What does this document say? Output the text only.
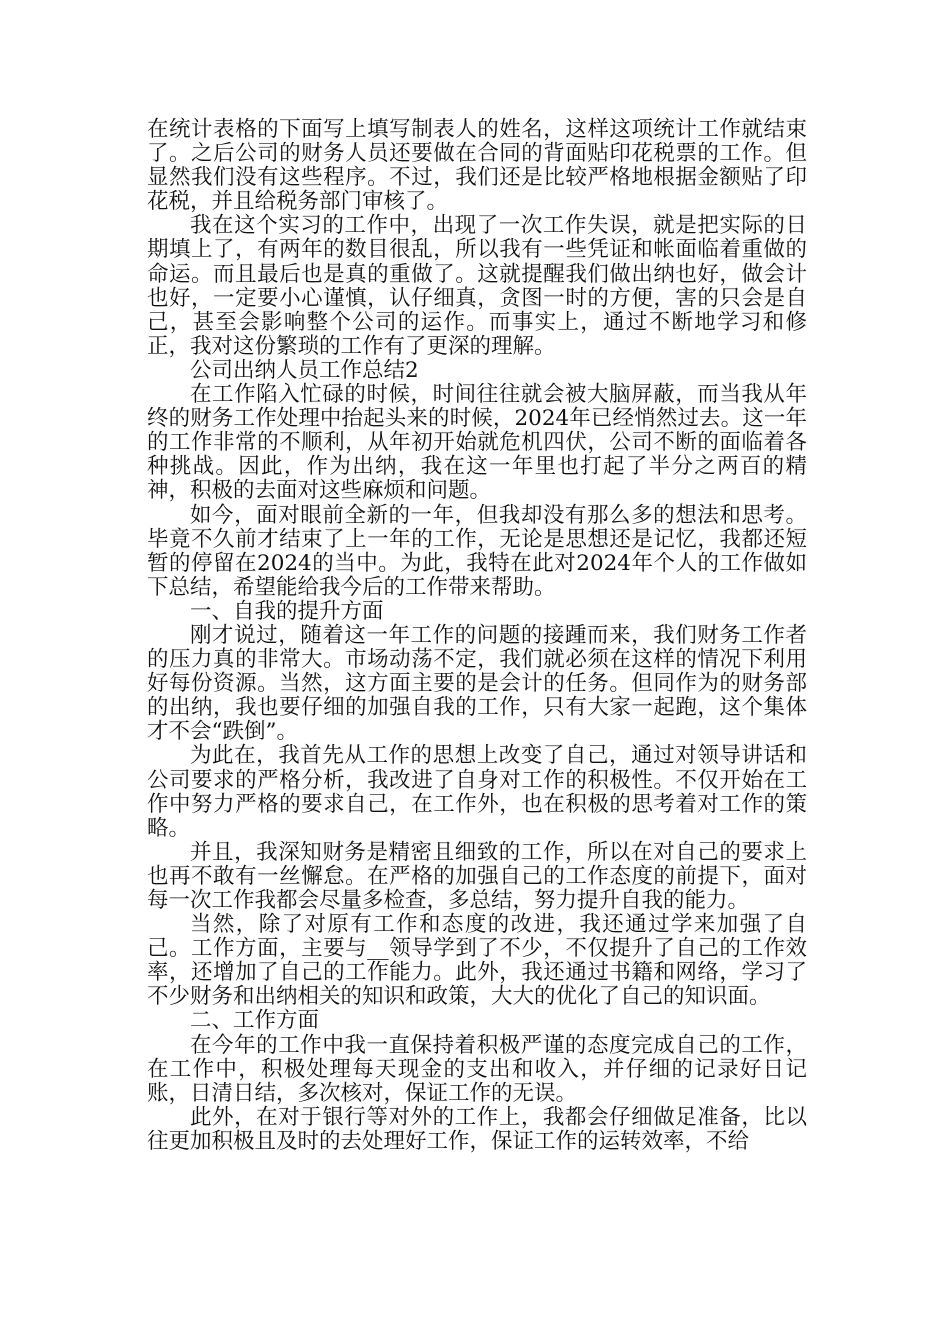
在统计表格的下面写上填写制表人的姓名，这样这项统计工作就结束了。之后公司的财务人员还要做在合同的背面贴印花税票的工作。但显然我们没有这些程序。不过，我们还是比较严格地根据金额贴了印花税，并且给税务部门审核了。

我在这个实习的工作中，出现了一次工作失误，就是把实际的日期填上了，有两年的数目很乱，所以我有一些凭证和帐面临着重做的命运。而且最后也是真的重做了。这就提醒我们做出纳也好，做会计也好，一定要小心谨慎，认仔细真，贪图一时的方便，害的只会是自己，甚至会影响整个公司的运作。而事实上，通过不断地学习和修正，我对这份繁琐的工作有了更深的理解。

公司出纳人员工作总结2

在工作陷入忙碌的时候，时间往往就会被大脑屏蔽，而当我从年终的财务工作处理中抬起头来的时候，2024年已经悄然过去。这一年的工作非常的不顺利，从年初开始就危机四伏，公司不断的面临着各种挑战。因此，作为出纳，我在这一年里也打起了半分之两百的精神，积极的去面对这些麻烦和问题。

如今，面对眼前全新的一年，但我却没有那么多的想法和思考。毕竟不久前才结束了上一年的工作，无论是思想还是记忆，我都还短暂的停留在2024的当中。为此，我特在此对2024年个人的工作做如下总结，希望能给我今后的工作带来帮助。

一、自我的提升方面

刚才说过，随着这一年工作的问题的接踵而来，我们财务工作者的压力真的非常大。市场动荡不定，我们就必须在这样的情况下利用好每份资源。当然，这方面主要的是会计的任务。但同作为的财务部的出纳，我也要仔细的加强自我的工作，只有大家一起跑，这个集体才不会“跌倒”。

为此在，我首先从工作的思想上改变了自己，通过对领导讲话和公司要求的严格分析，我改进了自身对工作的积极性。不仅开始在工作中努力严格的要求自己，在工作外，也在积极的思考着对工作的策略。

并且，我深知财务是精密且细致的工作，所以在对自己的要求上也再不敢有一丝懈怠。在严格的加强自己的工作态度的前提下，面对每一次工作我都会尽量多检查，多总结，努力提升自我的能力。

当然，除了对原有工作和态度的改进，我还通过学来加强了自己。工作方面，主要与__领导学到了不少，不仅提升了自己的工作效率，还增加了自己的工作能力。此外，我还通过书籍和网络，学习了不少财务和出纳相关的知识和政策，大大的优化了自己的知识面。

二、工作方面

在今年的工作中我一直保持着积极严谨的态度完成自己的工作，在工作中，积极处理每天现金的支出和收入，并仔细的记录好日记账，日清日结，多次核对，保证工作的无误。

此外，在对于银行等对外的工作上，我都会仔细做足准备，比以往更加积极且及时的去处理好工作，保证工作的运转效率，不给
